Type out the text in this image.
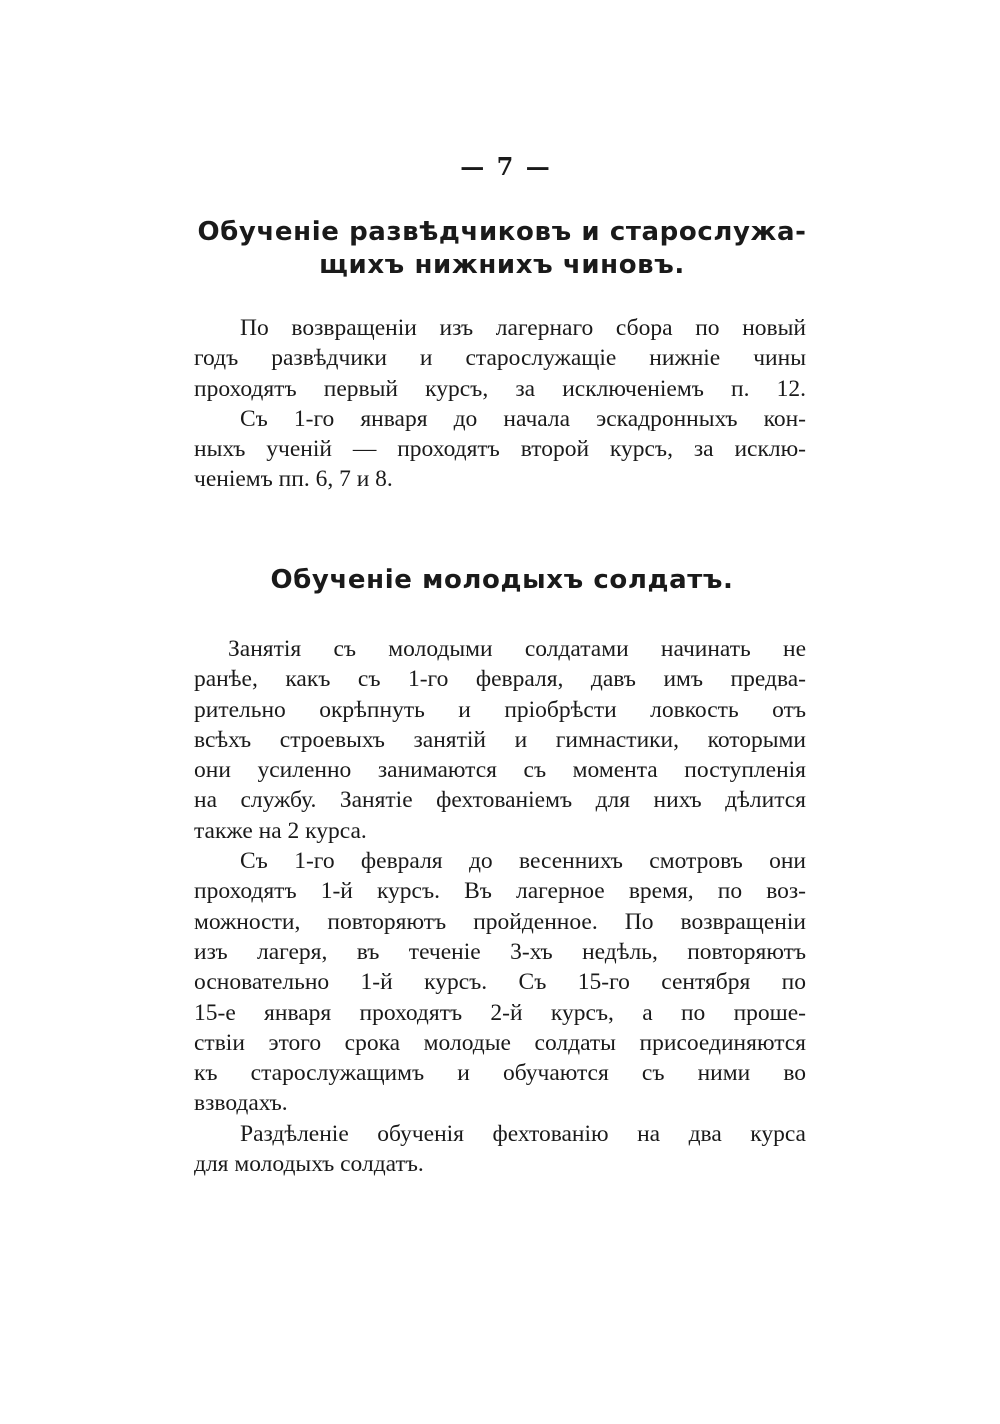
— 7 —
Обученіе развѣдчиковъ и старослужа-
щихъ нижнихъ чиновъ.
По возвращеніи изъ лагернаго сбора по новый
годъ развѣдчики и старослужащіе нижніе чины
проходятъ первый курсъ, за исключеніемъ п. 12.
Съ 1-го января до начала эскадронныхъ кон-
ныхъ ученій — проходятъ второй курсъ, за исклю-
ченіемъ пп. 6, 7 и 8.
Обученіе молодыхъ солдатъ.
Занятія съ молодыми солдатами начинать не
ранѣе, какъ съ 1-го февраля, давъ имъ предва-
рительно окрѣпнуть и пріобрѣсти ловкость отъ
всѣхъ строевыхъ занятій и гимнастики, которыми
они усиленно занимаются съ момента поступленія
на службу. Занятіе фехтованіемъ для нихъ дѣлится
также на 2 курса.
Съ 1-го февраля до весеннихъ смотровъ они
проходятъ 1-й курсъ. Въ лагерное время, по воз-
можности, повторяютъ пройденное. По возвращеніи
изъ лагеря, въ теченіе 3-хъ недѣль, повторяютъ
основательно 1-й курсъ. Съ 15-го сентября по
15-е января проходятъ 2-й курсъ, а по проше-
ствіи этого срока молодые солдаты присоединяются
къ старослужащимъ и обучаются съ ними во
взводахъ.
Раздѣленіе обученія фехтованію на два курса
для молодыхъ солдатъ.
